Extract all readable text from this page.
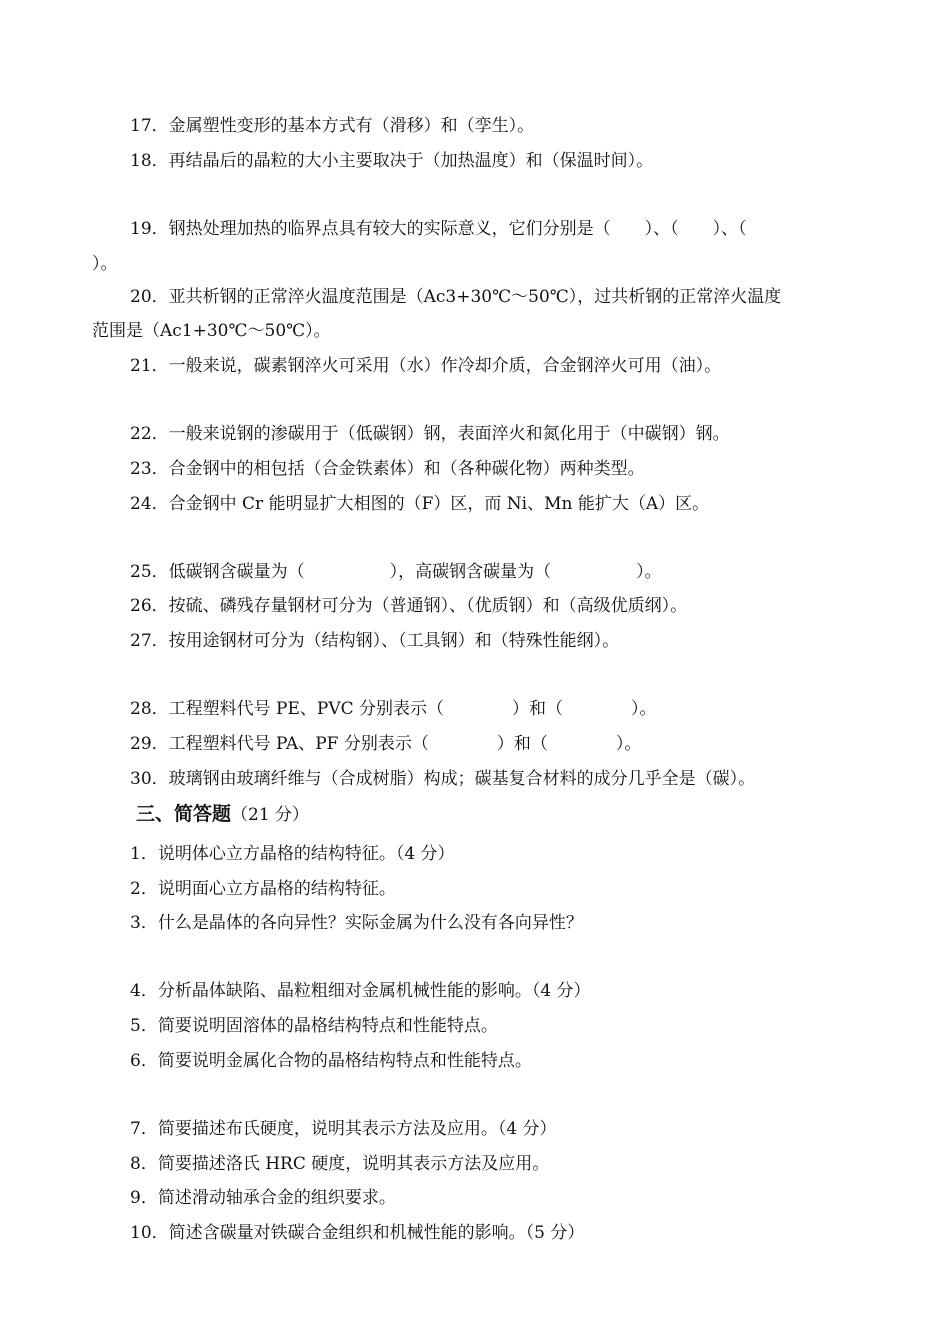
17．金属塑性变形的基本方式有（滑移）和（孪生）。
18．再结晶后的晶粒的大小主要取决于（加热温度）和（保温时间）。
19．钢热处理加热的临界点具有较大的实际意义，它们分别是（　　）、（　　）、（
）。
20．亚共析钢的正常淬火温度范围是（Ac3+30℃～50℃），过共析钢的正常淬火温度
范围是（Ac1+30℃～50℃）。
21．一般来说，碳素钢淬火可采用（水）作冷却介质，合金钢淬火可用（油）。
22．一般来说钢的渗碳用于（低碳钢）钢，表面淬火和氮化用于（中碳钢）钢。
23．合金钢中的相包括（合金铁素体）和（各种碳化物）两种类型。
24．合金钢中 Cr 能明显扩大相图的（F）区，而 Ni、Mn 能扩大（A）区。
25．低碳钢含碳量为（　　　　　），高碳钢含碳量为（　　　　　）。
26．按硫、磷残存量钢材可分为（普通钢）、（优质钢）和（高级优质纲）。
27．按用途钢材可分为（结构钢）、（工具钢）和（特殊性能纲）。
28．工程塑料代号 PE、PVC 分别表示（　　　　）和（　　　　）。
29．工程塑料代号 PA、PF 分别表示（　　　　）和（　　　　）。
30．玻璃钢由玻璃纤维与（合成树脂）构成；碳基复合材料的成分几乎全是（碳）。
三、简答题（21 分）
1．说明体心立方晶格的结构特征。（4 分）
2．说明面心立方晶格的结构特征。
3．什么是晶体的各向异性？实际金属为什么没有各向异性？
4．分析晶体缺陷、晶粒粗细对金属机械性能的影响。（4 分）
5．简要说明固溶体的晶格结构特点和性能特点。
6．简要说明金属化合物的晶格结构特点和性能特点。
7．简要描述布氏硬度，说明其表示方法及应用。（4 分）
8．简要描述洛氏 HRC 硬度，说明其表示方法及应用。
9．简述滑动轴承合金的组织要求。
10．简述含碳量对铁碳合金组织和机械性能的影响。（5 分）
